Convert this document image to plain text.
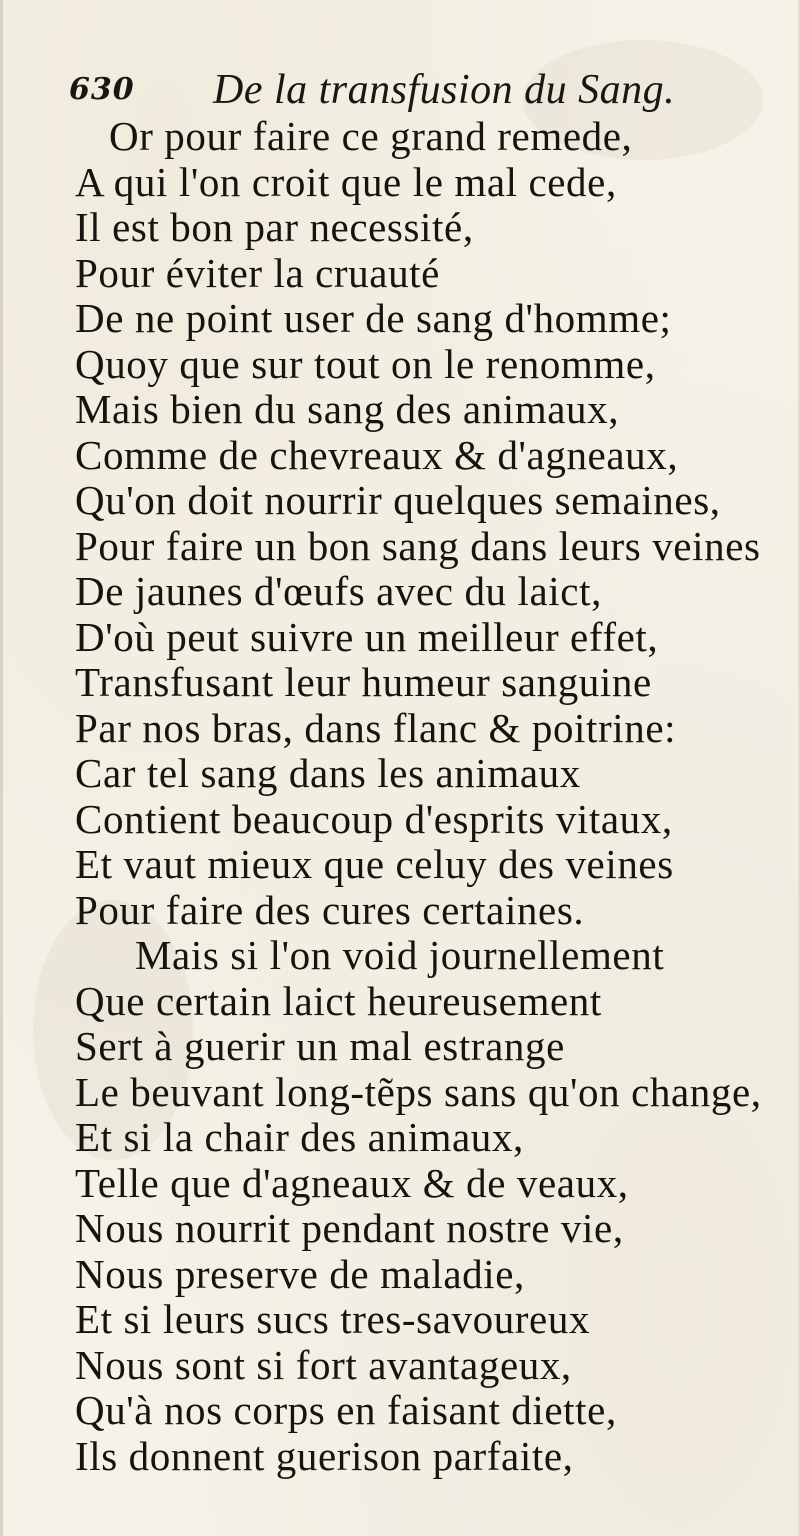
630 De la transfusion du Sang.
Or pour faire ce grand remede,
A qui l'on croit que le mal cede,
Il est bon par necessité,
Pour éviter la cruauté
De ne point user de sang d'homme;
Quoy que sur tout on le renomme,
Mais bien du sang des animaux,
Comme de chevreaux & d'agneaux,
Qu'on doit nourrir quelques semaines,
Pour faire un bon sang dans leurs veines
De jaunes d'œufs avec du laict,
D'où peut suivre un meilleur effet,
Transfusant leur humeur sanguine
Par nos bras, dans flanc & poitrine:
Car tel sang dans les animaux
Contient beaucoup d'esprits vitaux,
Et vaut mieux que celuy des veines
Pour faire des cures certaines.
Mais si l'on void journellement
Que certain laict heureusement
Sert à guerir un mal estrange
Le beuvant long-tẽps sans qu'on change,
Et si la chair des animaux,
Telle que d'agneaux & de veaux,
Nous nourrit pendant nostre vie,
Nous preserve de maladie,
Et si leurs sucs tres-savoureux
Nous sont si fort avantageux,
Qu'à nos corps en faisant diette,
Ils donnent guerison parfaite,
